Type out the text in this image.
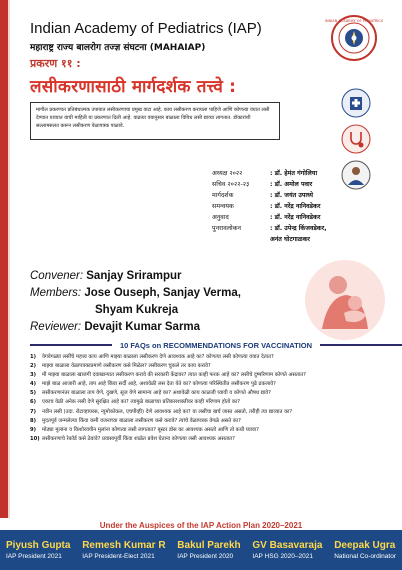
Indian Academy of Pediatrics (IAP)
महाराष्ट्र राज्य बालरोग तज्ज्ञ संघटना (MAHAIAP)
प्रकरण ११ :
लसीकरणासाठी मार्गदर्शक तत्त्वे :
INDIAN ACADEMY OF PEDIATRICS
मागील प्रकरणात प्रतिबंधात्मक उपायात लसीकरणाचा प्रमुख वाटा आहे. काय लसीकरण करायला पाहिजे आणि कोणत्या वयात लसी देण्यात याव्यात याची माहिती या प्रकरणात दिली आहे. वाढत्या वयानुसार बाळाला विविध लसी द्याव्या लागतात. डॉक्टरांशी सल्लामसलत करून लसीकरण वेळापत्रक पाळावे.
अध्यक्ष २०२२	: डॉ. हेमंत गंगोलिया
सचिव २०२२-२३	: डॉ. अमोल पवार
मार्गदर्शक	: डॉ. जयंत उपाध्ये
समन्वयक	: डॉ. नरेंद्र नानिवडेकर
अनुवाद	: डॉ. नरेंद्र नानिवडेकर
पुनरावलोकन	: डॉ. उपेन्द्र किंजवडेकर,
अनंत घोटगाळकर
Convener: Sanjay Srirampur
Members: Jose Ouseph, Sanjay Verma,
Shyam Kukreja
Reviewer: Devajit Kumar Sarma
10 FAQs on RECOMMENDATIONS FOR VACCINATION
1)	वेगवेगळ्या लसींचे महत्त्व काय आणि माझ्या बाळाला लसीकरण देणे आवश्यक आहे का? कोणत्या लसी कोणत्या वयात देतात?
2)	माझ्या बाळाला वेळापत्रकाप्रमाणे लसीकरण कसे मिळेल? लसीकरण चुकले तर काय करावे?
3)	मी माझ्या बाळाला खाजगी दवाखान्यात लसीकरण करावे की सरकारी केंद्रावर? त्यात काही फरक आहे का? लसीचे दुष्परिणाम कोणते असतात?
4)	माझे बाळ आजारी आहे, ताप आहे किंवा सर्दी आहे, अशावेळी लस देता येते का? कोणत्या परिस्थितीत लसीकरण पुढे ढकलावे?
5)	लसीकरणानंतर बाळाला ताप येणे, दुखणे, सूज येणे सामान्य आहे का? अशावेळी काय काळजी घ्यावी व कोणते औषध द्यावे?
6)	एकाच वेळी अनेक लसी देणे सुरक्षित आहे का? त्यामुळे बाळाच्या प्रतिकारशक्तीवर काही परिणाम होतो का?
7)	नवीन लसी (उदा. रोटाव्हायरस, न्यूमोकोकल, एचपीव्ही) देणे आवश्यक आहे का? या लसींचा खर्च जास्त असतो, तरीही त्या द्याव्यात का?
8)	मुदतपूर्व जन्मलेल्या किंवा कमी वजनाच्या बाळाला लसीकरण कसे करावे? त्यांचे वेळापत्रक वेगळे असते का?
9)	मोठ्या मुलांना व किशोरवयीन मुलांना कोणत्या लसी लागतात? बूस्टर डोस का आवश्यक असतो आणि तो कधी घ्यावा?
10) लसीकरणाचे रेकॉर्ड कसे ठेवावे? प्रवासापूर्वी किंवा शाळेत प्रवेश घेताना कोणत्या लसी आवश्यक असतात?
Under the Auspices of the IAP Action Plan 2020–2021
Piyush Gupta
IAP President 2021
Remesh Kumar R
IAP President-Elect 2021
Bakul Parekh
IAP President 2020
GV Basavaraja
IAP HSG 2020–2021
Deepak Ugra
National Co-ordinator
